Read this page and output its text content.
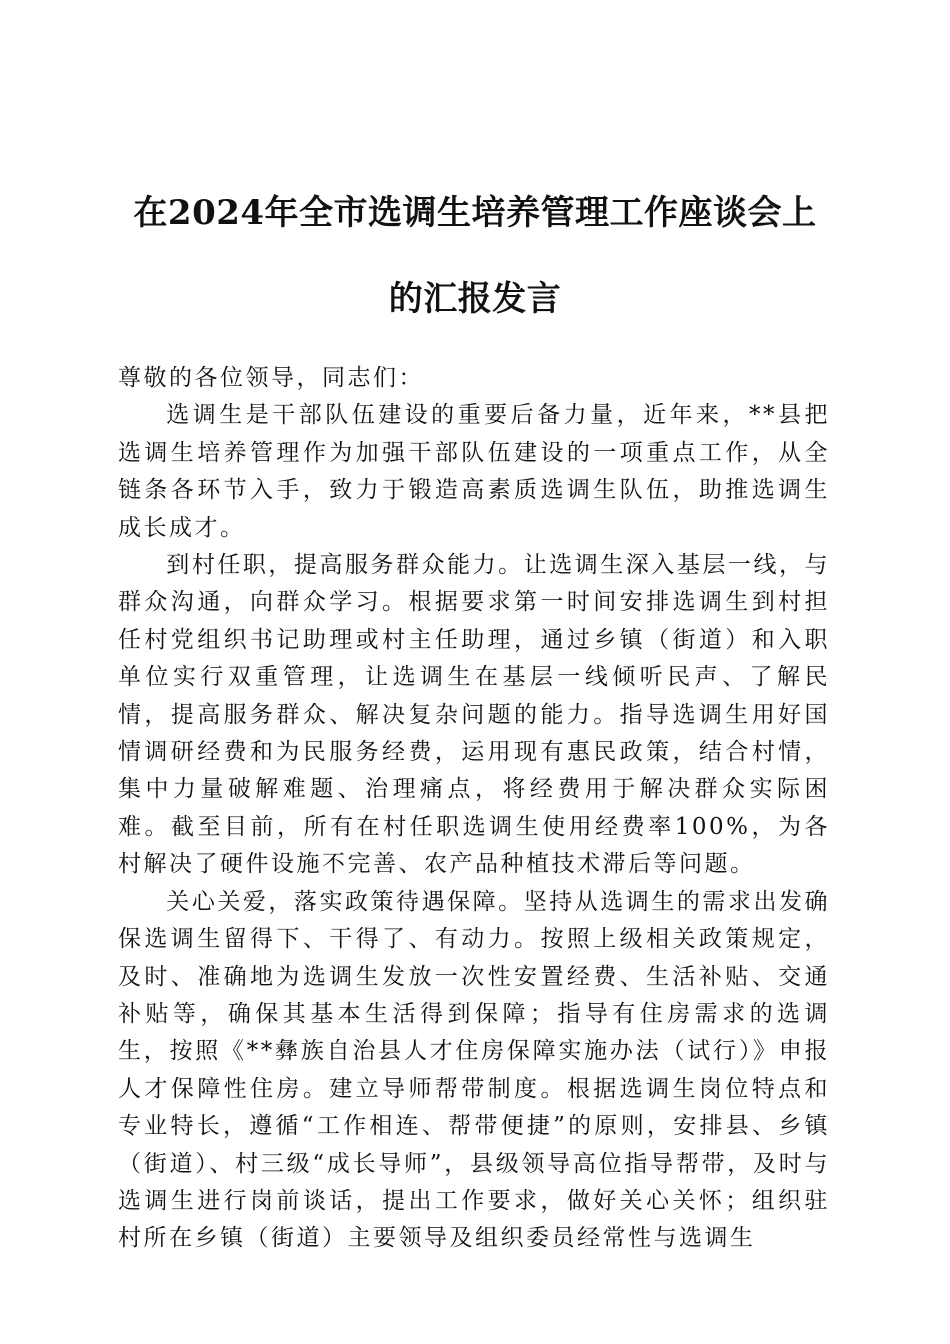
在2024年全市选调生培养管理工作座谈会上
的汇报发言

尊敬的各位领导，同志们：

选调生是干部队伍建设的重要后备力量，近年来，**县把选调生培养管理作为加强干部队伍建设的一项重点工作，从全链条各环节入手，致力于锻造高素质选调生队伍，助推选调生成长成才。

到村任职，提高服务群众能力。让选调生深入基层一线，与群众沟通，向群众学习。根据要求第一时间安排选调生到村担任村党组织书记助理或村主任助理，通过乡镇（街道）和入职单位实行双重管理，让选调生在基层一线倾听民声、了解民情，提高服务群众、解决复杂问题的能力。指导选调生用好国情调研经费和为民服务经费，运用现有惠民政策，结合村情，集中力量破解难题、治理痛点，将经费用于解决群众实际困难。截至目前，所有在村任职选调生使用经费率100%，为各村解决了硬件设施不完善、农产品种植技术滞后等问题。

关心关爱，落实政策待遇保障。坚持从选调生的需求出发确保选调生留得下、干得了、有动力。按照上级相关政策规定，及时、准确地为选调生发放一次性安置经费、生活补贴、交通补贴等，确保其基本生活得到保障；指导有住房需求的选调生，按照《**彝族自治县人才住房保障实施办法（试行）》申报人才保障性住房。建立导师帮带制度。根据选调生岗位特点和专业特长，遵循“工作相连、帮带便捷”的原则，安排县、乡镇（街道）、村三级“成长导师”，县级领导高位指导帮带，及时与选调生进行岗前谈话，提出工作要求，做好关心关怀；组织驻村所在乡镇（街道）主要领导及组织委员经常性与选调生
